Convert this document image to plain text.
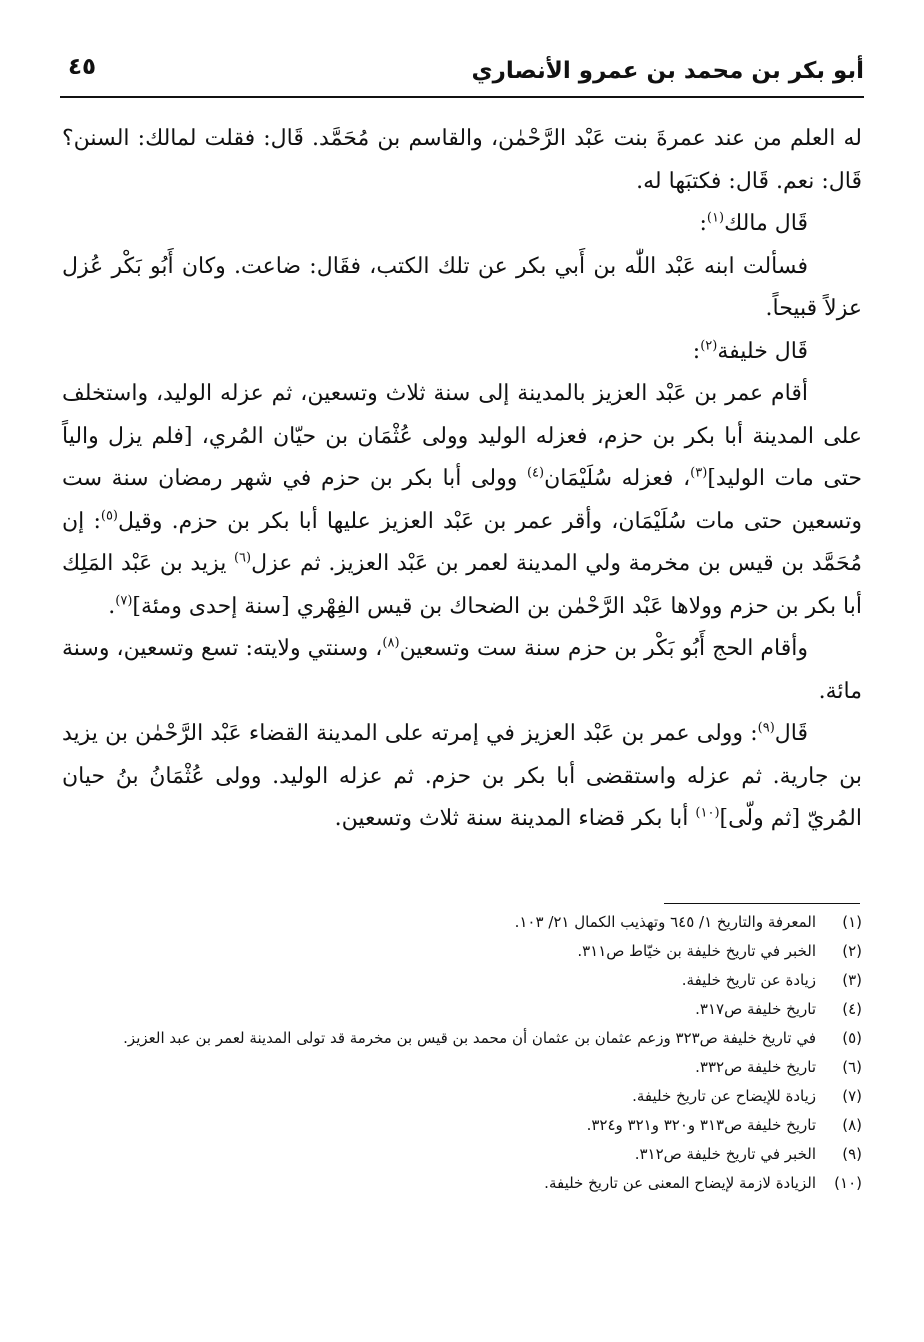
أبو بكر بن محمد بن عمرو الأنصاري
٤٥

له العلم من عند عمرةَ بنت عَبْد الرَّحْمٰن، والقاسم بن مُحَمَّد. قَال: فقلت لمالك: السنن؟ قَال: نعم. قَال: فكتبَها له.

قَال مالك$^{(١)}$:

فسألت ابنه عَبْد اللّٰه بن أَبي بكر عن تلك الكتب، فقَال: ضاعت. وكان أَبُو بَكْر عُزل عزلاً قبيحاً.

قَال خليفة$^{(٢)}$:

أقام عمر بن عَبْد العزيز بالمدينة إلى سنة ثلاث وتسعين، ثم عزله الوليد، واستخلف على المدينة أبا بكر بن حزم، فعزله الوليد وولى عُثْمَان بن حيّان المُري، [فلم يزل والياً حتى مات الوليد]$^{(٣)}$، فعزله سُلَيْمَان$^{(٤)}$ وولى أبا بكر بن حزم في شهر رمضان سنة ست وتسعين حتى مات سُلَيْمَان، وأقر عمر بن عَبْد العزيز عليها أبا بكر بن حزم. وقيل$^{(٥)}$: إن مُحَمَّد بن قيس بن مخرمة ولي المدينة لعمر بن عَبْد العزيز. ثم عزل$^{(٦)}$ يزيد بن عَبْد المَلِك أبا بكر بن حزم وولاها عَبْد الرَّحْمٰن بن الضحاك بن قيس الفِهْري [سنة إحدى ومئة]$^{(٧)}$.

وأقام الحج أَبُو بَكْر بن حزم سنة ست وتسعين$^{(٨)}$، وسنتي ولايته: تسع وتسعين، وسنة مائة.

قَال$^{(٩)}$: وولى عمر بن عَبْد العزيز في إمرته على المدينة القضاء عَبْد الرَّحْمٰن بن يزيد بن جارية. ثم عزله واستقضى أبا بكر بن حزم. ثم عزله الوليد. وولى عُثْمَانُ بنُ حيان المُريّ [ثم ولّى]$^{(١٠)}$ أبا بكر قضاء المدينة سنة ثلاث وتسعين.

(١)
المعرفة والتاريخ ١/ ٦٤٥ وتهذيب الكمال ٢١/ ١٠٣.
(٢)
الخبر في تاريخ خليفة بن خيّاط ص٣١١.
(٣)
زيادة عن تاريخ خليفة.
(٤)
تاريخ خليفة ص٣١٧.
(٥)
في تاريخ خليفة ص٣٢٣ وزعم عثمان بن عثمان أن محمد بن قيس بن مخرمة قد تولى المدينة لعمر بن عبد العزيز.
(٦)
تاريخ خليفة ص٣٣٢.
(٧)
زيادة للإيضاح عن تاريخ خليفة.
(٨)
تاريخ خليفة ص٣١٣ و٣٢٠ و٣٢١ و٣٢٤.
(٩)
الخبر في تاريخ خليفة ص٣١٢.
(١٠)
الزيادة لازمة لإيضاح المعنى عن تاريخ خليفة.
